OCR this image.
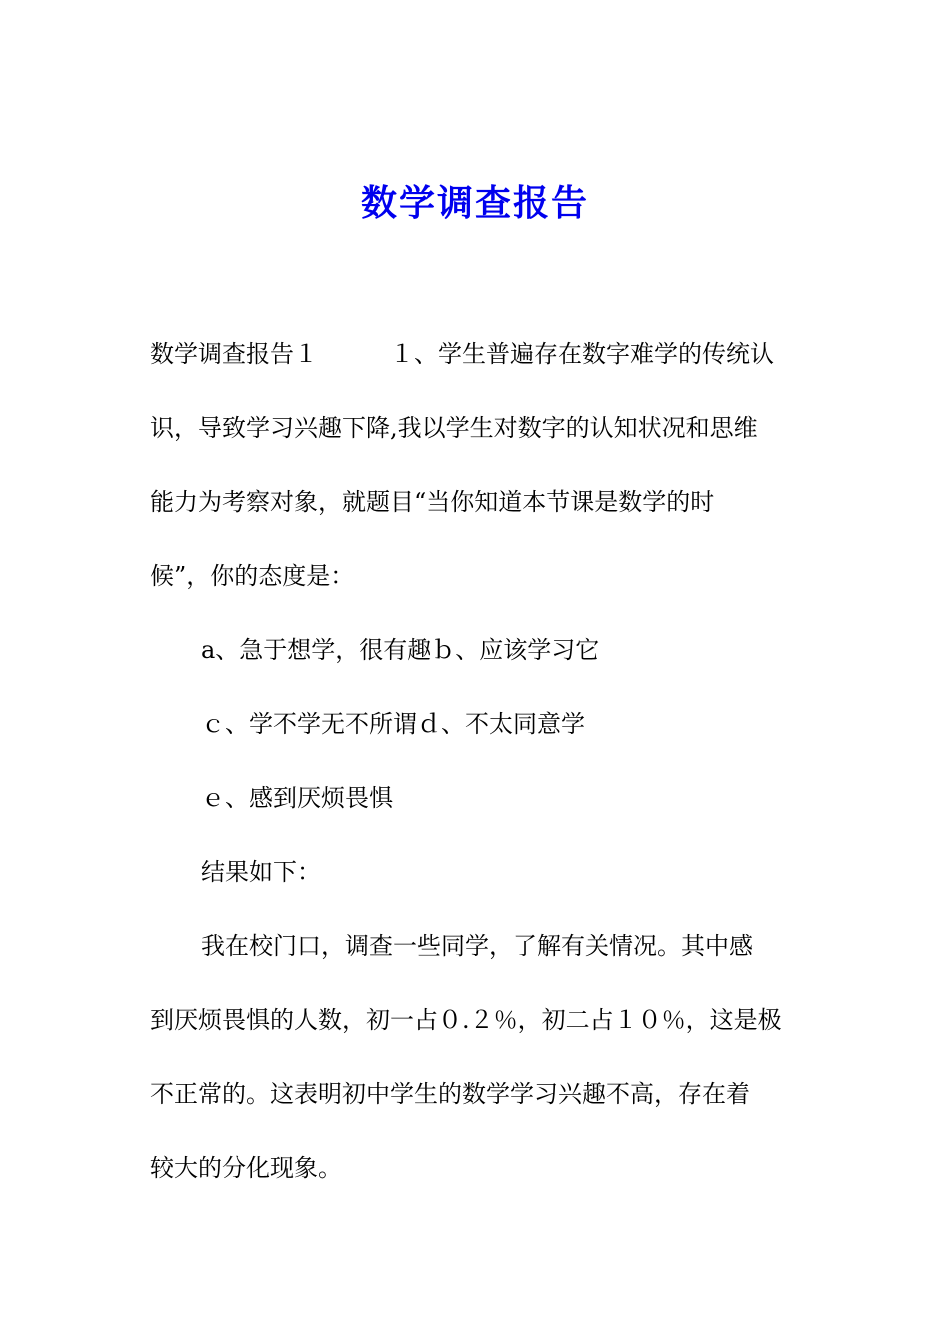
数学调查报告
数学调查报告１　　　１、学生普遍存在数字难学的传统认
识，导致学习兴趣下降,我以学生对数字的认知状况和思维
能力为考察对象，就题目“当你知道本节课是数学的时
候”，你的态度是：
a、急于想学，很有趣ｂ、应该学习它
ｃ、学不学无不所谓ｄ、不太同意学
ｅ、感到厌烦畏惧
结果如下：
我在校门口，调查一些同学，了解有关情况。其中感
到厌烦畏惧的人数，初一占０.２％，初二占１０％，这是极
不正常的。这表明初中学生的数学学习兴趣不高，存在着
较大的分化现象。
